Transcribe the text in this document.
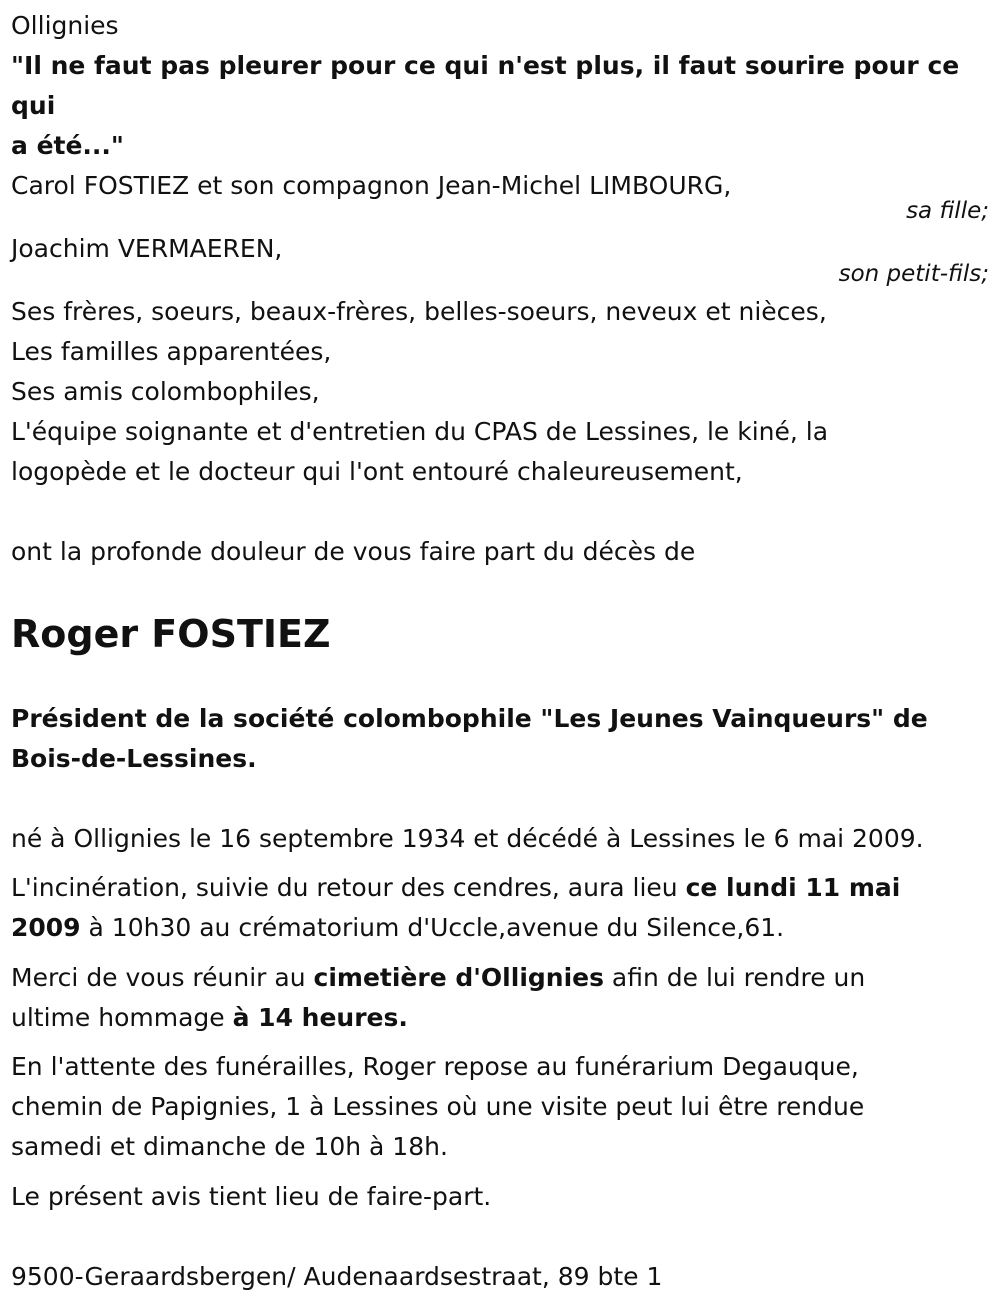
Ollignies
"Il ne faut pas pleurer pour ce qui n'est plus, il faut sourire pour ce qui
a été..."
Carol FOSTIEZ et son compagnon Jean-Michel LIMBOURG,
sa fille;
Joachim VERMAEREN,
son petit-fils;
Ses frères, soeurs, beaux-frères, belles-soeurs, neveux et nièces,
Les familles apparentées,
Ses amis colombophiles,
L'équipe soignante et d'entretien du CPAS de Lessines, le kiné, la
logopède et le docteur qui l'ont entouré chaleureusement,
ont la profonde douleur de vous faire part du décès de
Roger FOSTIEZ
Président de la société colombophile "Les Jeunes Vainqueurs" de
Bois-de-Lessines.
né à Ollignies le 16 septembre 1934 et décédé à Lessines le 6 mai 2009.
L'incinération, suivie du retour des cendres, aura lieu ce lundi 11 mai
2009 à 10h30 au crématorium d'Uccle,avenue du Silence,61.
Merci de vous réunir au cimetière d'Ollignies afin de lui rendre un
ultime hommage à 14 heures.
En l'attente des funérailles, Roger repose au funérarium Degauque,
chemin de Papignies, 1 à Lessines où une visite peut lui être rendue
samedi et dimanche de 10h à 18h.
Le présent avis tient lieu de faire-part.
9500-Geraardsbergen/ Audenaardsestraat, 89 bte 1
